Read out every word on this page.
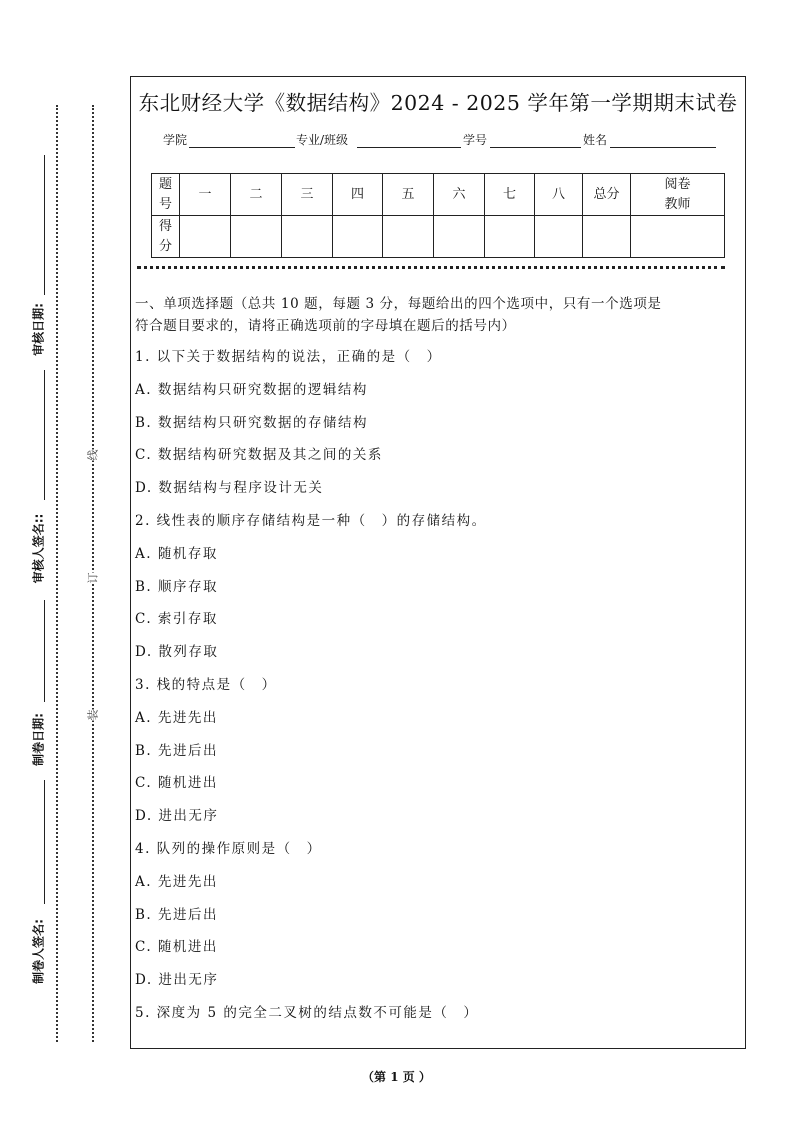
线
订
装
审核日期:
审核人签名::
制卷日期:
制卷人签名:
东北财经大学《数据结构》2024 - 2025 学年第一学期期末试卷
学院	专业/班级	学号	姓名
题号	一	二	三	四	五	六	七	八	总分	阅卷教师
得分										
一、单项选择题（总共 10 题，每题 3 分，每题给出的四个选项中，只有一个选项是
符合题目要求的，请将正确选项前的字母填在题后的括号内）
1. 以下关于数据结构的说法，正确的是（　）
A. 数据结构只研究数据的逻辑结构
B. 数据结构只研究数据的存储结构
C. 数据结构研究数据及其之间的关系
D. 数据结构与程序设计无关
2. 线性表的顺序存储结构是一种（　）的存储结构。
A. 随机存取
B. 顺序存取
C. 索引存取
D. 散列存取
3. 栈的特点是（　）
A. 先进先出
B. 先进后出
C. 随机进出
D. 进出无序
4. 队列的操作原则是（　）
A. 先进先出
B. 先进后出
C. 随机进出
D. 进出无序
5. 深度为 5 的完全二叉树的结点数不可能是（　）
（第 1 页 ）
